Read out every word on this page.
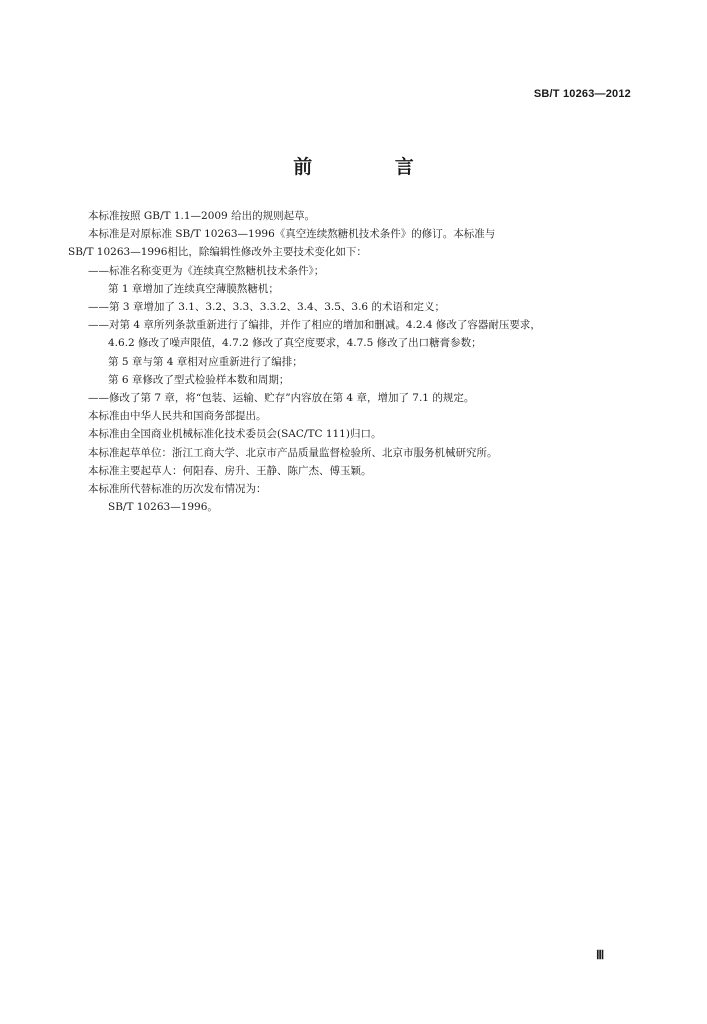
SB/T 10263—2012
前 言

本标准按照 GB/T 1.1—2009 给出的规则起草。

本标准是对原标准 SB/T 10263—1996《真空连续熬糖机技术条件》的修订。本标准与

SB/T 10263—1996相比，除编辑性修改外主要技术变化如下：

——标准名称变更为《连续真空熬糖机技术条件》；

第 1 章增加了连续真空薄膜熬糖机；

——第 3 章增加了 3.1、3.2、3.3、3.3.2、3.4、3.5、3.6 的术语和定义；

——对第 4 章所列条款重新进行了编排，并作了相应的增加和删减。4.2.4 修改了容器耐压要求，

4.6.2 修改了噪声限值，4.7.2 修改了真空度要求，4.7.5 修改了出口糖膏参数；

第 5 章与第 4 章相对应重新进行了编排；

第 6 章修改了型式检验样本数和周期；

——修改了第 7 章，将“包装、运输、贮存”内容放在第 4 章，增加了 7.1 的规定。

本标准由中华人民共和国商务部提出。

本标准由全国商业机械标准化技术委员会(SAC/TC 111)归口。

本标准起草单位：浙江工商大学、北京市产品质量监督检验所、北京市服务机械研究所。

本标准主要起草人：何阳春、房升、王静、陈广杰、傅玉颖。

本标准所代替标准的历次发布情况为：

SB/T 10263—1996。

Ⅲ
